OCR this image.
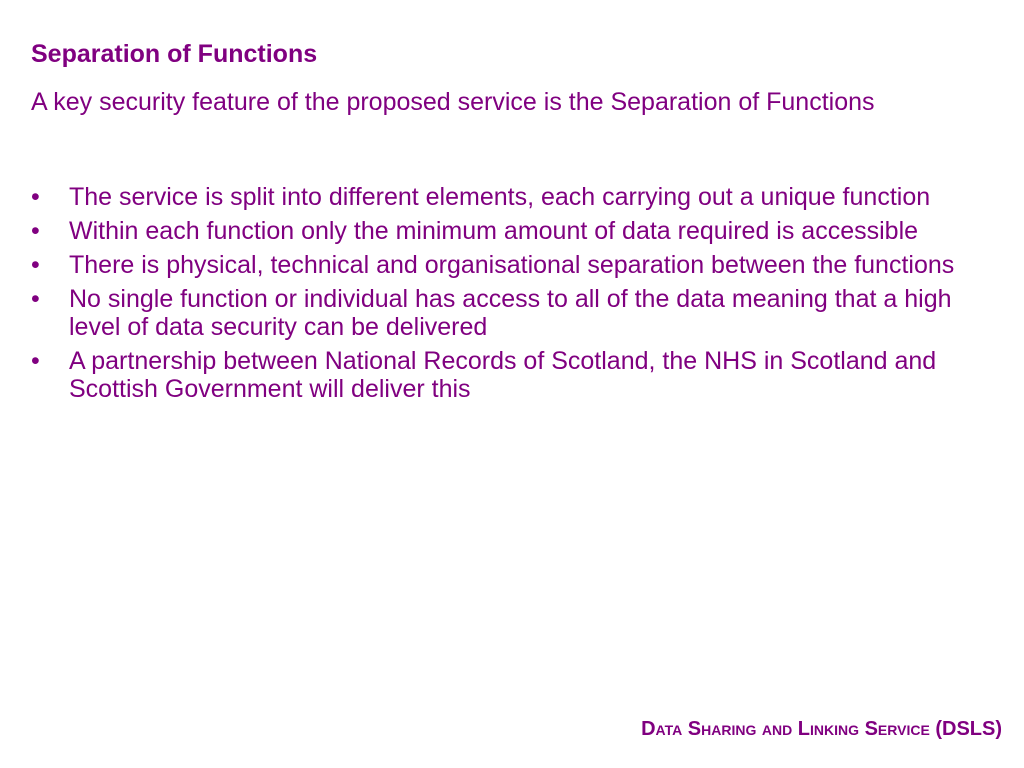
Separation of Functions

A key security feature of the proposed service is the Separation of Functions

•	The service is split into different elements, each carrying out a unique function
•	Within each function only the minimum amount of data required is accessible
•	There is physical, technical and organisational separation between the functions
•	No single function or individual has access to all of the data meaning that a high level of data security can be delivered
•	A partnership between National Records of Scotland, the NHS in Scotland and Scottish Government will deliver this

Data Sharing and Linking Service (DSLS)
